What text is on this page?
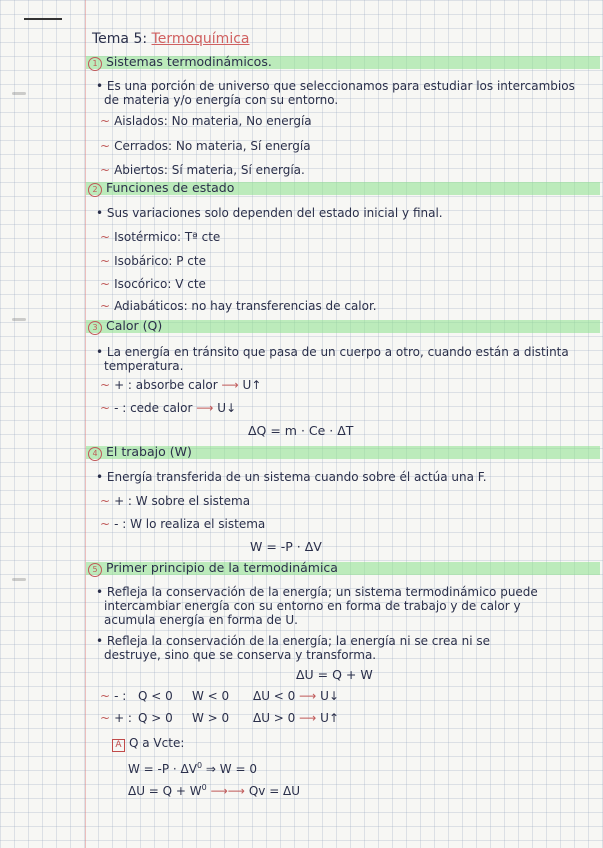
Tema 5: Termoquímica
1 Sistemas termodinámicos.
• Es una porción de universo que seleccionamos para estudiar los intercambios
de materia y/o energía con su entorno.
~ Aislados: No materia, No energía
~ Cerrados: No materia, Sí energía
~ Abiertos: Sí materia, Sí energía.
2 Funciones de estado
• Sus variaciones solo dependen del estado inicial y final.
~ Isotérmico: Tª cte
~ Isobárico: P cte
~ Isocórico: V cte
~ Adiabáticos: no hay transferencias de calor.
3 Calor (Q)
• La energía en tránsito que pasa de un cuerpo a otro, cuando están a distinta
temperatura.
~ + : absorbe calor ⟶ U↑
~ - : cede calor ⟶ U↓
ΔQ = m · Ce · ΔT
4 El trabajo (W)
• Energía transferida de un sistema cuando sobre él actúa una F.
~ + : W sobre el sistema
~ - : W lo realiza el sistema
W = -P · ΔV
5 Primer principio de la termodinámica
• Refleja la conservación de la energía; un sistema termodinámico puede
intercambiar energía con su entorno en forma de trabajo y de calor y
acumula energía en forma de U.
• Refleja la conservación de la energía; la energía ni se crea ni se
destruye, sino que se conserva y transforma.
ΔU = Q + W
~ - : Q < 0 W < 0 ΔU < 0 ⟶ U↓
~ + : Q > 0 W > 0 ΔU > 0 ⟶ U↑
A Q a Vcte:
$W = -P \cdot \Delta V^0$ ⇒ W = 0
$\Delta U = Q + W^0$ ⟶⟶ Qv = ΔU
